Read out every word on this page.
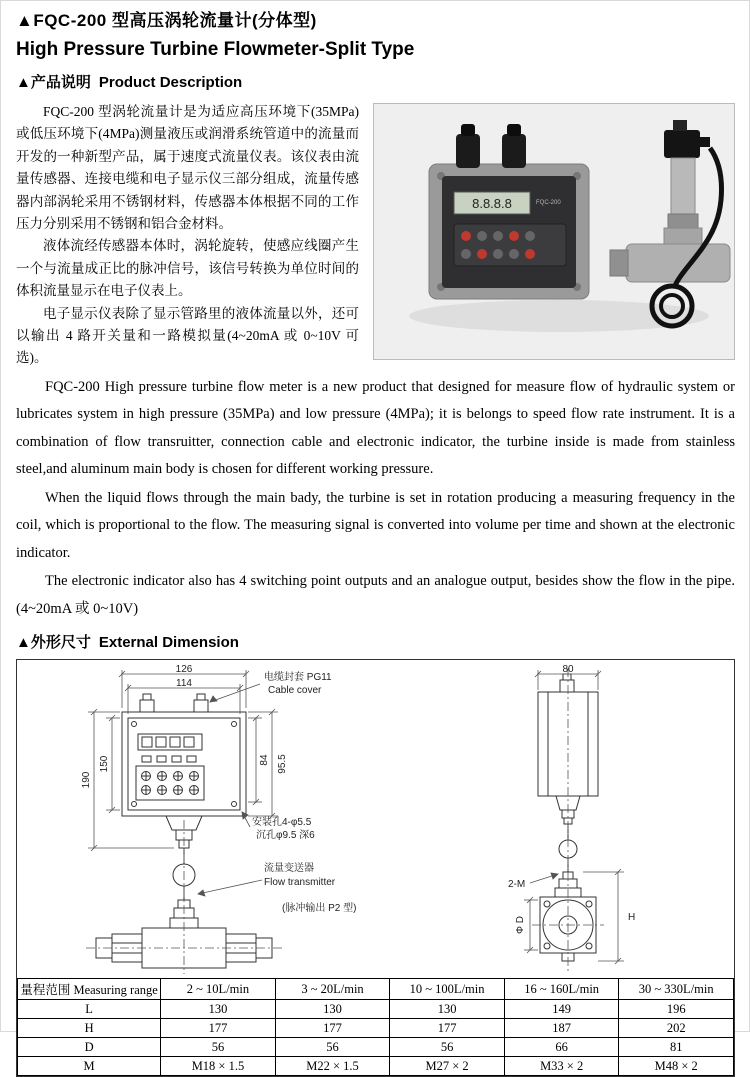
▲FQC-200 型高压涡轮流量计(分体型)
High Pressure Turbine Flowmeter-Split Type
▲产品说明 Product Description
8.8.8.8	FQC-200

FQC-200 型涡轮流量计是为适应高压环境下(35MPa)或低压环境下(4MPa)测量液压或润滑系统管道中的流量而开发的一种新型产品，属于速度式流量仪表。该仪表由流量传感器、连接电缆和电子显示仪三部分组成，流量传感器内部涡轮采用不锈钢材料，传感器本体根据不同的工作压力分别采用不锈钢和铝合金材料。

液体流经传感器本体时，涡轮旋转，使感应线圈产生一个与流量成正比的脉冲信号，该信号转换为单位时间的体积流量显示在电子仪表上。

电子显示仪表除了显示管路里的液体流量以外，还可以输出 4 路开关量和一路模拟量(4~20mA 或 0~10V 可选)。

FQC-200 High pressure turbine flow meter is a new product that designed for measure flow of hydraulic system or lubricates system in high pressure (35MPa) and low pressure (4MPa); it is belongs to speed flow rate instrument. It is a combination of flow transruitter, connection cable and electronic indicator, the turbine inside is made from stainless steel,and aluminum main body is chosen for different working pressure.

When the liquid flows through the main bady, the turbine is set in rotation producing a measuring frequency in the coil, which is proportional to the flow. The measuring signal is converted into volume per time and shown at the electronic indicator.

The electronic indicator also has 4 switching point outputs and an analogue output, besides show the flow in the pipe.(4~20mA 或 0~10V)

▲外形尺寸 External Dimension
126
114
电缆封套 PG11
Cable cover
150
190
84 95.5
安装孔4-φ5.5
沉孔φ9.5 深6
流量变送器
Flow transmitter
(脉冲输出 P2 型)
80
2-M
H
Φ D
量程范围 Measuring range	2 ~ 10L/min	3 ~ 20L/min	10 ~ 100L/min	16 ~ 160L/min	30 ~ 330L/min
L	130	130	130	149	196
H	177	177	177	187	202
D	56	56	56	66	81
M	M18 × 1.5	M22 × 1.5	M27 × 2	M33 × 2	M48 × 2
